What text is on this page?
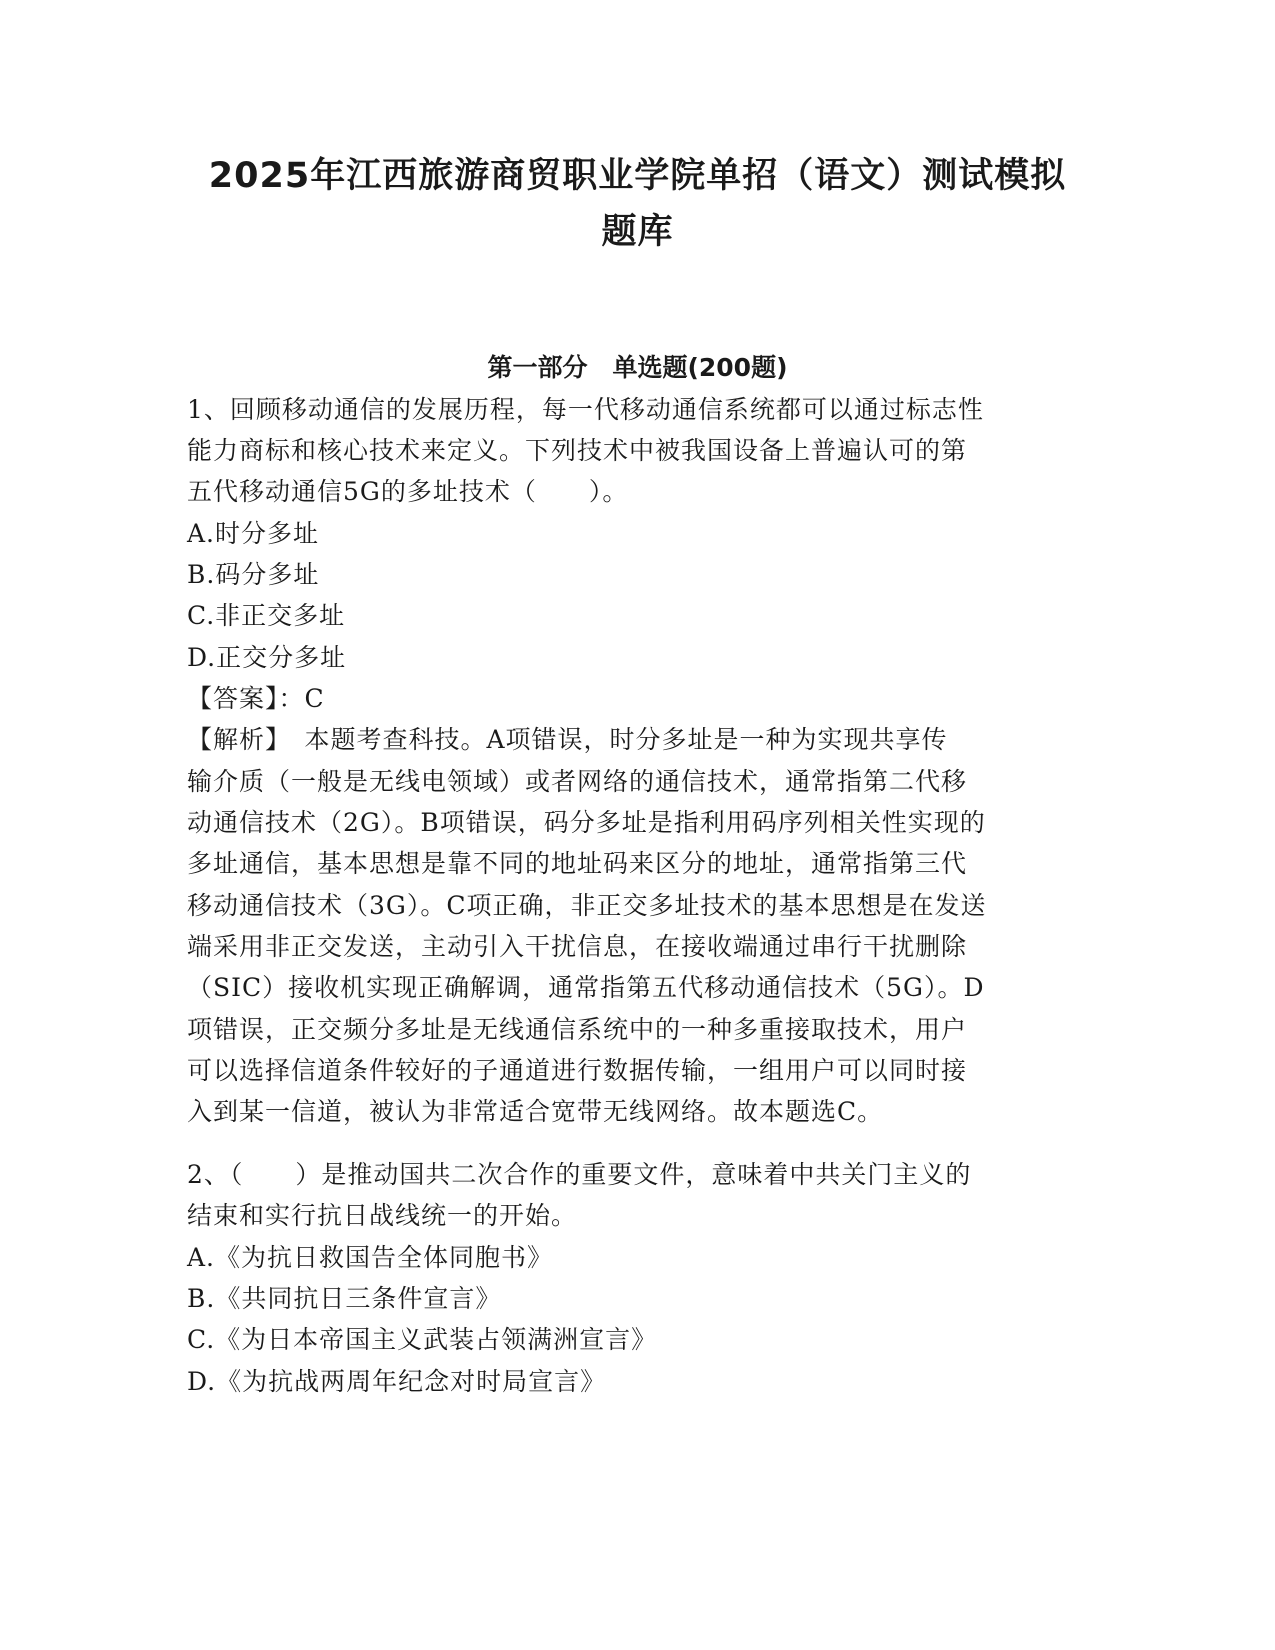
2025年江西旅游商贸职业学院单招（语文）测试模拟
题库
第一部分　单选题(200题)
1、回顾移动通信的发展历程，每一代移动通信系统都可以通过标志性
能力商标和核心技术来定义。下列技术中被我国设备上普遍认可的第
五代移动通信5G的多址技术（　　）。
A.时分多址
B.码分多址
C.非正交多址
D.正交分多址
【答案】：C
【解析】　本题考查科技。A项错误，时分多址是一种为实现共享传
输介质（一般是无线电领域）或者网络的通信技术，通常指第二代移
动通信技术（2G）。B项错误，码分多址是指利用码序列相关性实现的
多址通信，基本思想是靠不同的地址码来区分的地址，通常指第三代
移动通信技术（3G）。C项正确，非正交多址技术的基本思想是在发送
端采用非正交发送，主动引入干扰信息，在接收端通过串行干扰删除
（SIC）接收机实现正确解调，通常指第五代移动通信技术（5G）。D
项错误，正交频分多址是无线通信系统中的一种多重接取技术，用户
可以选择信道条件较好的子通道进行数据传输，一组用户可以同时接
入到某一信道，被认为非常适合宽带无线网络。故本题选C。
2、（　　）是推动国共二次合作的重要文件，意味着中共关门主义的
结束和实行抗日战线统一的开始。
A.《为抗日救国告全体同胞书》
B.《共同抗日三条件宣言》
C.《为日本帝国主义武装占领满洲宣言》
D.《为抗战两周年纪念对时局宣言》
